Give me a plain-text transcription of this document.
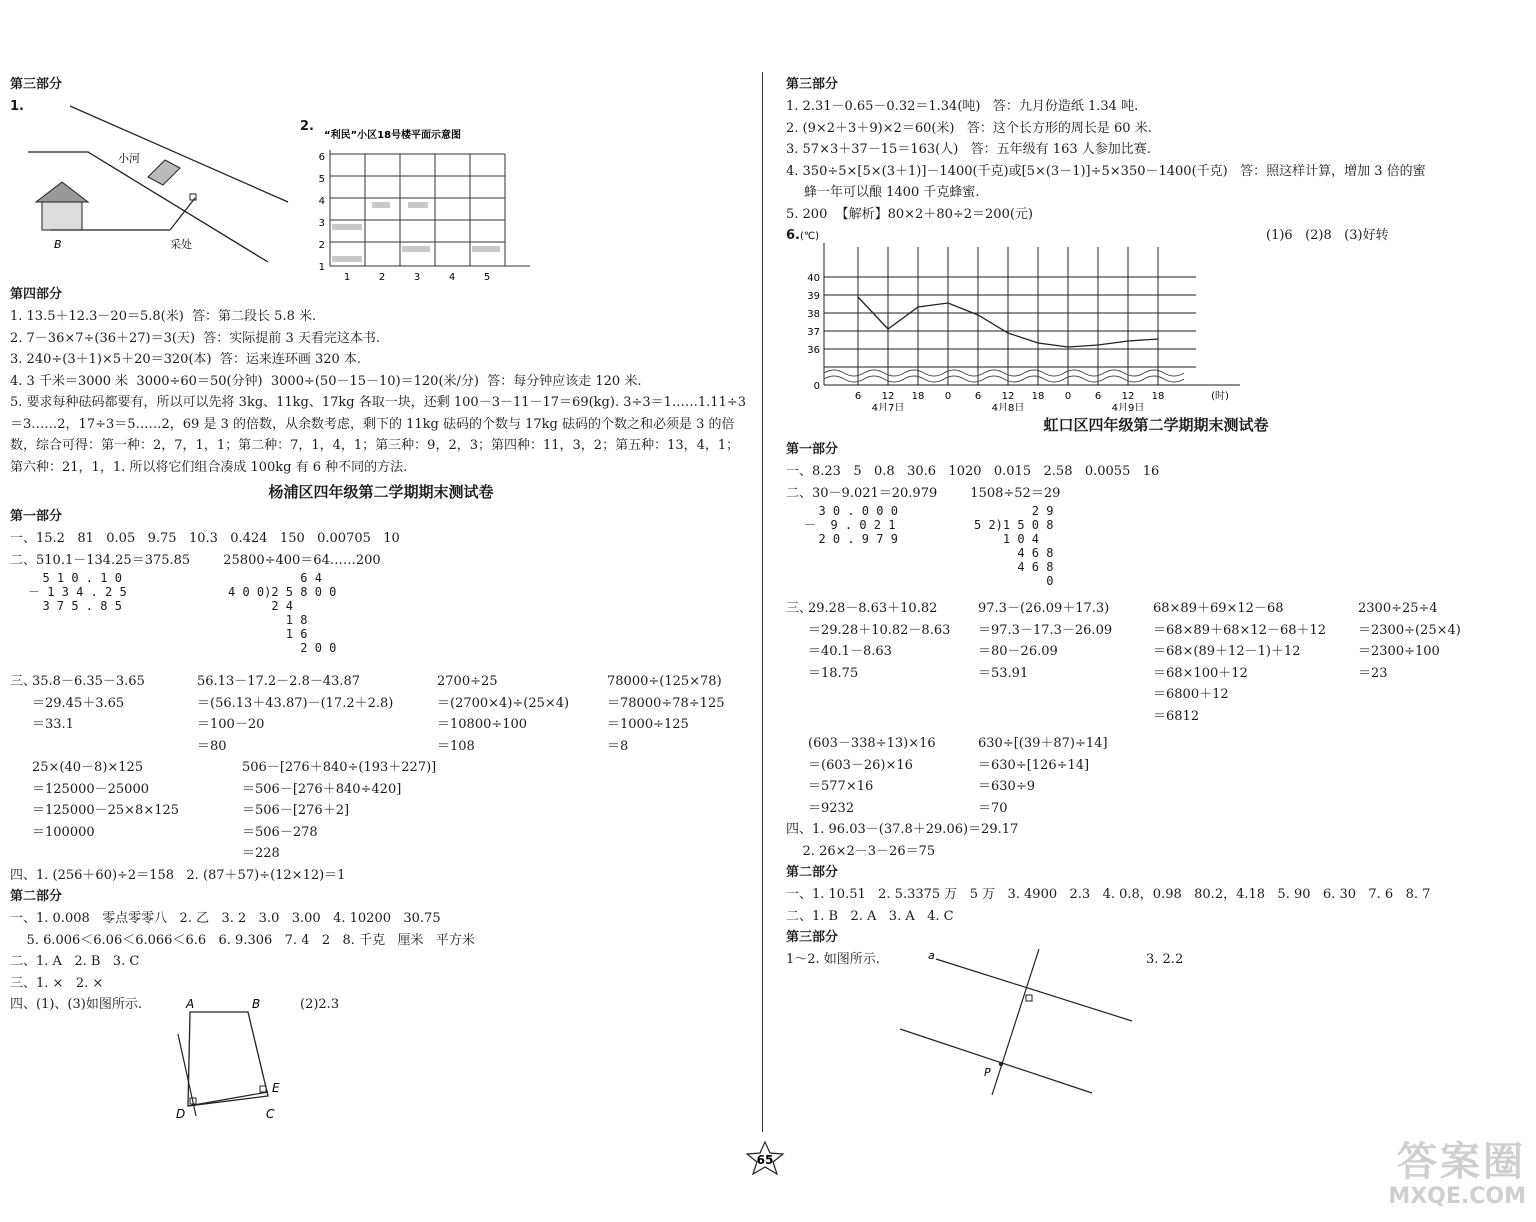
第三部分
1.
小河
B	采处
2.
“利民”小区18号楼平面示意图
6
5
4
3
2
1
1	2	3	4	5
第四部分
1. 13.5＋12.3－20＝5.8(米)  答：第二段长 5.8 米.
2. 7－36×7÷(36＋27)＝3(天)  答：实际提前 3 天看完这本书.
3. 240÷(3＋1)×5＋20＝320(本)  答：运来连环画 320 本.
4. 3 千米＝3000 米  3000÷60＝50(分钟)  3000÷(50－15－10)＝120(米/分)  答：每分钟应该走 120 米.
5. 要求每种砝码都要有，所以可以先将 3kg、11kg、17kg 各取一块，还剩 100－3－11－17＝69(kg). 3÷3＝1……1.11÷3＝3……2，17÷3＝5……2，69 是 3 的倍数，从余数考虑，剩下的 11kg 砝码的个数与 17kg 砝码的个数之和必须是 3 的倍数，综合可得：第一种：2，7，1，1；第二种：7，1，4，1；第三种：9，2，3；第四种：11，3，2；第五种：13，4，1；第六种：21，1，1. 所以将它们组合凑成 100kg 有 6 种不同的方法.
杨浦区四年级第二学期期末测试卷
第一部分
一、15.2   81   0.05   9.75   10.3   0.424   150   0.00705   10
二、510.1－134.25＝375.85        25800÷400＝64……200
5 1 0 . 1 0
－ 1 3 4 . 2 5
3 7 5 . 8 5
6 4
4 0 0)2 5 8 0 0
2 4
1 8
1 6
2 0 0
三、
35.8－6.35－3.65
＝29.45＋3.65
＝33.1
56.13－17.2－2.8－43.87
＝(56.13＋43.87)－(17.2＋2.8)
＝100－20
＝80
2700÷25
＝(2700×4)÷(25×4)
＝10800÷100
＝108
78000÷(125×78)
＝78000÷78÷125
＝1000÷125
＝8
25×(40－8)×125
＝125000－25000
＝125000－25×8×125
＝100000
506－[276＋840÷(193＋227)]
＝506－[276＋840÷420]
＝506－[276＋2]
＝506－278
＝228
四、1. (256＋60)÷2＝158   2. (87＋57)÷(12×12)＝1
第二部分
一、1. 0.008   零点零零八   2. 乙   3. 2   3.0   3.00   4. 10200   30.75
5. 6.006＜6.06＜6.066＜6.6   6. 9.306   7. 4   2   8. 千克   厘米   平方米
二、1. A   2. B   3. C
三、1. ×   2. ×
四、(1)、(3)如图所示.	(2)2.3
A	B
E
C
D
第三部分
1. 2.31－0.65－0.32＝1.34(吨)   答：九月份造纸 1.34 吨.
2. (9×2＋3＋9)×2＝60(米)   答：这个长方形的周长是 60 米.
3. 57×3＋37－15＝163(人)   答：五年级有 163 人参加比赛.
4. 350÷5×[5×(3＋1)]－1400(千克)或[5×(3－1)]÷5×350－1400(千克)   答：照这样计算，增加 3 倍的蜜
蜂一年可以酿 1400 千克蜂蜜.
5. 200  【解析】80×2＋80÷2＝200(元)
6.	(1)6   (2)8   (3)好转
(℃)
40
39
38
37
36
0
6 12 18 0 6 12 18 0 6 12 18	(时)
4月7日	4月8日	4月9日
虹口区四年级第二学期期末测试卷
第一部分
一、8.23   5   0.8   30.6   1020   0.015   2.58   0.0055   16
二、30－9.021＝20.979        1508÷52＝29
3 0 . 0 0 0
－  9 . 0 2 1
2 0 . 9 7 9
2 9
5 2)1 5 0 8
1 0 4
4 6 8
4 6 8
0
三、
29.28－8.63＋10.82
＝29.28＋10.82－8.63
＝40.1－8.63
＝18.75
97.3－(26.09＋17.3)
＝97.3－17.3－26.09
＝80－26.09
＝53.91
68×89＋69×12－68
＝68×89＋68×12－68＋12
＝68×(89＋12－1)＋12
＝68×100＋12
＝6800＋12
＝6812
2300÷25÷4
＝2300÷(25×4)
＝2300÷100
＝23
(603－338÷13)×16
＝(603－26)×16
＝577×16
＝9232
630÷[(39＋87)÷14]
＝630÷[126÷14]
＝630÷9
＝70
四、1. 96.03－(37.8＋29.06)＝29.17
2. 26×2－3－26＝75
第二部分
一、1. 10.51   2. 5.3375 万   5 万   3. 4900   2.3   4. 0.8，0.98   80.2，4.18   5. 90   6. 30   7. 6   8. 7
二、1. B   2. A   3. A   4. C
第三部分
1～2. 如图所示.	3. 2.2
a
P
65	答案圈
MXQE.COM
